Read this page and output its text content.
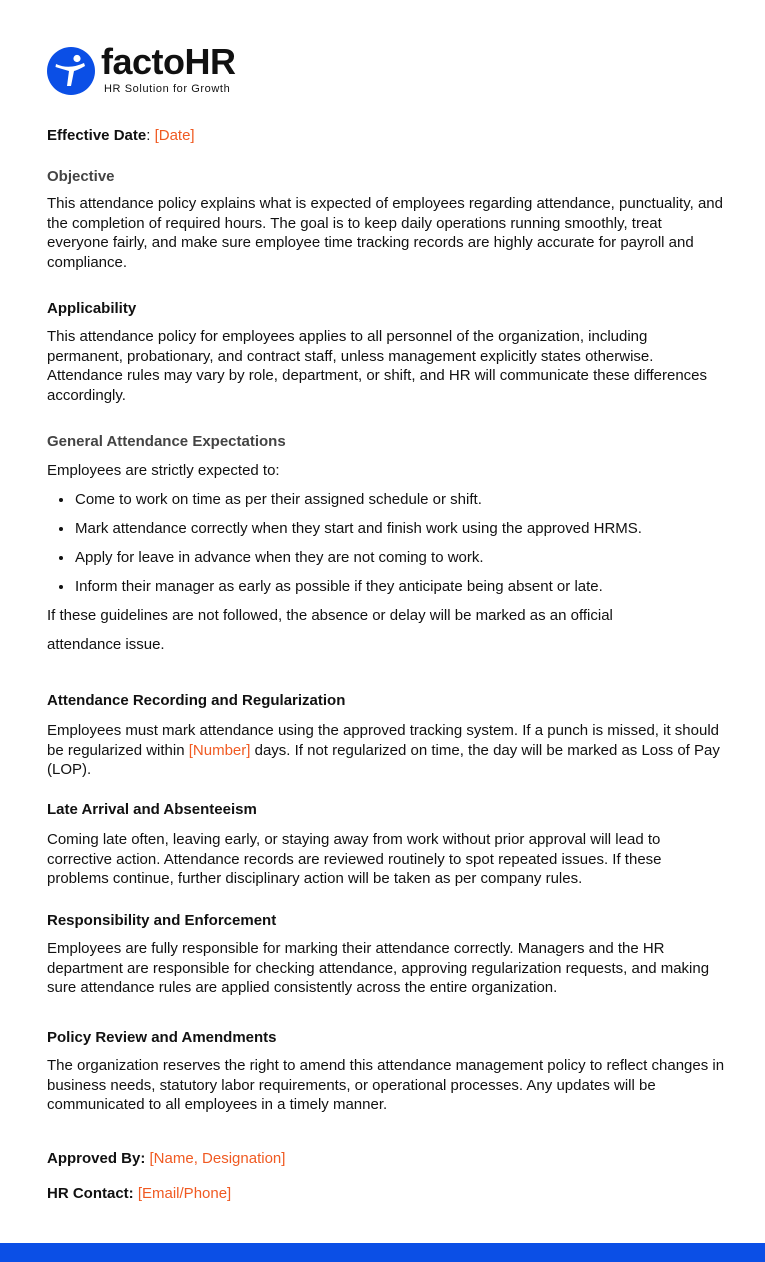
factoHR
HR Solution for Growth
Effective Date: [Date]
Objective
This attendance policy explains what is expected of employees regarding attendance, punctuality, and the completion of required hours. The goal is to keep daily operations running smoothly, treat everyone fairly, and make sure employee time tracking records are highly accurate for payroll and compliance.
Applicability
This attendance policy for employees applies to all personnel of the organization, including permanent, probationary, and contract staff, unless management explicitly states otherwise. Attendance rules may vary by role, department, or shift, and HR will communicate these differences accordingly.
General Attendance Expectations
Employees are strictly expected to:
Come to work on time as per their assigned schedule or shift.
Mark attendance correctly when they start and finish work using the approved HRMS.
Apply for leave in advance when they are not coming to work.
Inform their manager as early as possible if they anticipate being absent or late.
If these guidelines are not followed, the absence or delay will be marked as an official
attendance issue.
Attendance Recording and Regularization
Employees must mark attendance using the approved tracking system. If a punch is missed, it should be regularized within [Number] days. If not regularized on time, the day will be marked as Loss of Pay (LOP).
Late Arrival and Absenteeism
Coming late often, leaving early, or staying away from work without prior approval will lead to corrective action. Attendance records are reviewed routinely to spot repeated issues. If these problems continue, further disciplinary action will be taken as per company rules.
Responsibility and Enforcement
Employees are fully responsible for marking their attendance correctly. Managers and the HR department are responsible for checking attendance, approving regularization requests, and making sure attendance rules are applied consistently across the entire organization.
Policy Review and Amendments
The organization reserves the right to amend this attendance management policy to reflect changes in business needs, statutory labor requirements, or operational processes. Any updates will be communicated to all employees in a timely manner.
Approved By: [Name, Designation]
HR Contact: [Email/Phone]
